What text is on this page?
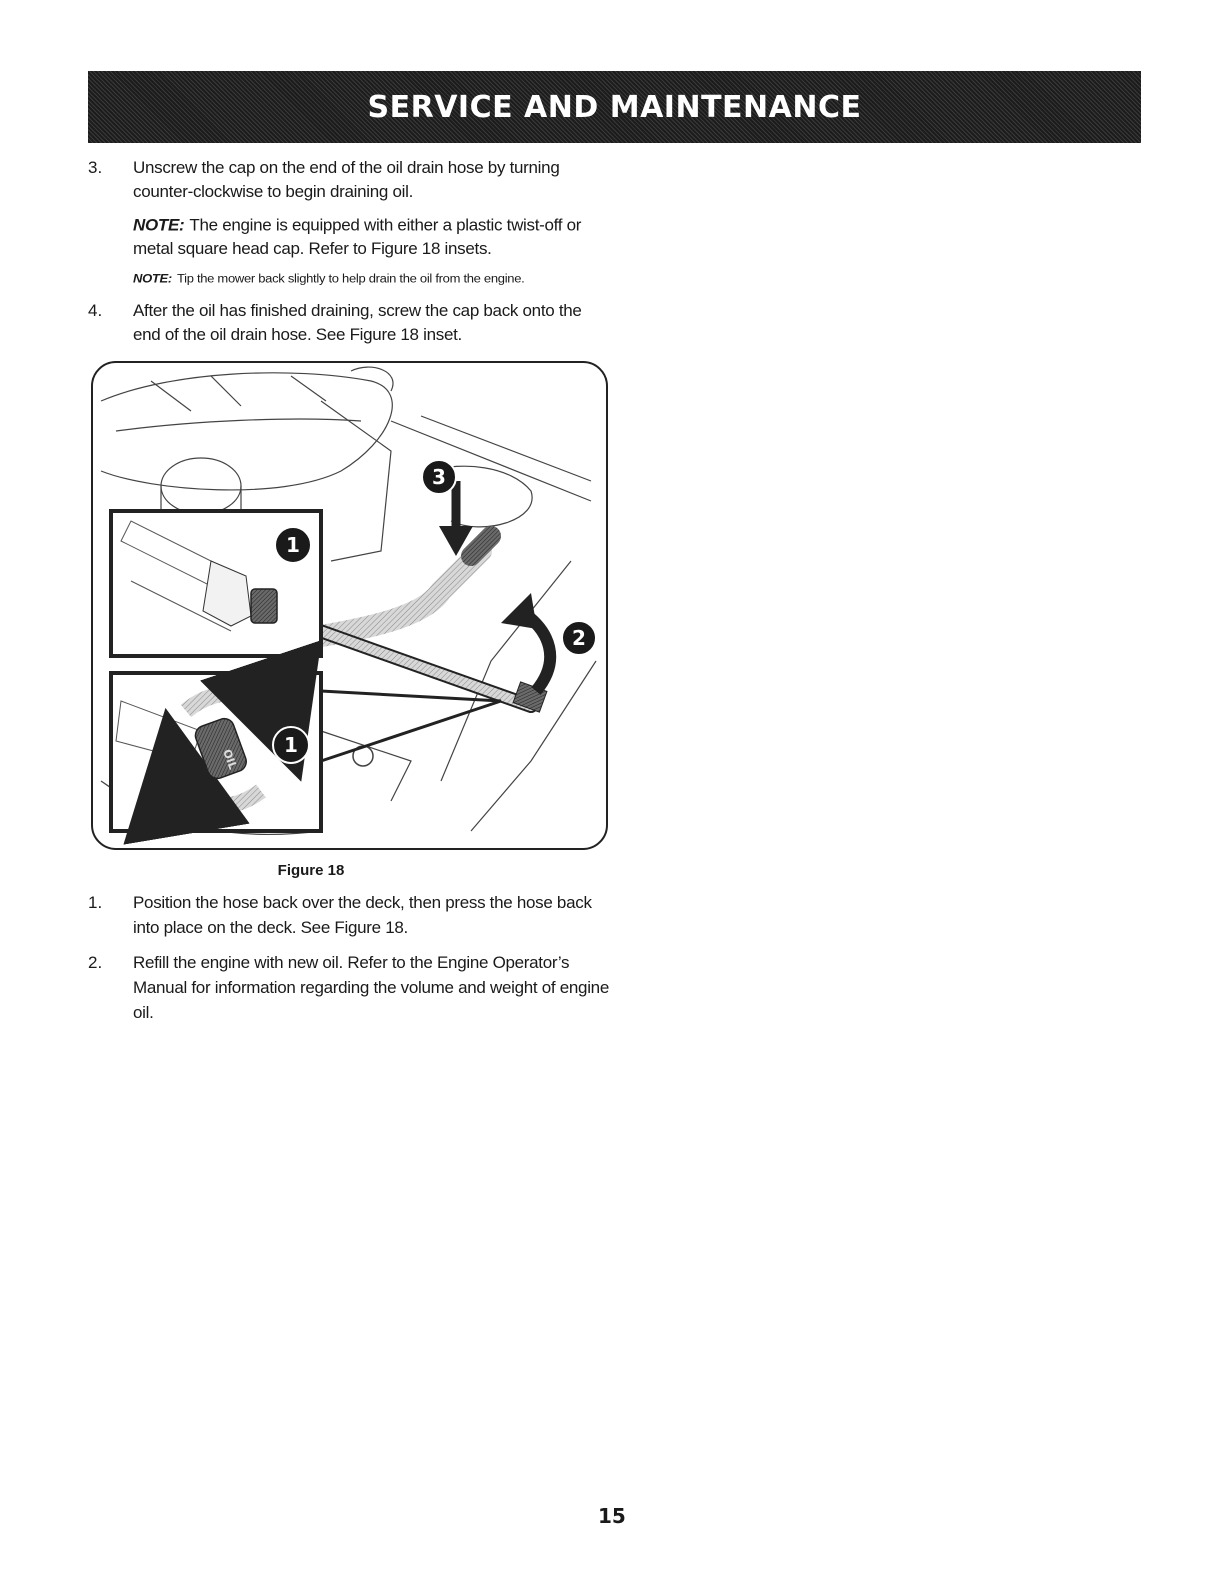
SERVICE AND MAINTENANCE
3.	Unscrew the cap on the end of the oil drain hose by turning counter-clockwise to begin draining oil.
NOTE: The engine is equipped with either a plastic twist-off or metal square head cap. Refer to Figure 18 insets.
NOTE: Tip the mower back slightly to help drain the oil from the engine.
4.	After the oil has finished draining, screw the cap back onto the end of the oil drain hose. See Figure 18 inset.
OIL
3
2
1
1
Figure 18
1.	Position the hose back over the deck, then press the hose back into place on the deck. See Figure 18.
2.	Refill the engine with new oil. Refer to the Engine Operator’s Manual for information regarding the volume and weight of engine oil.
15
